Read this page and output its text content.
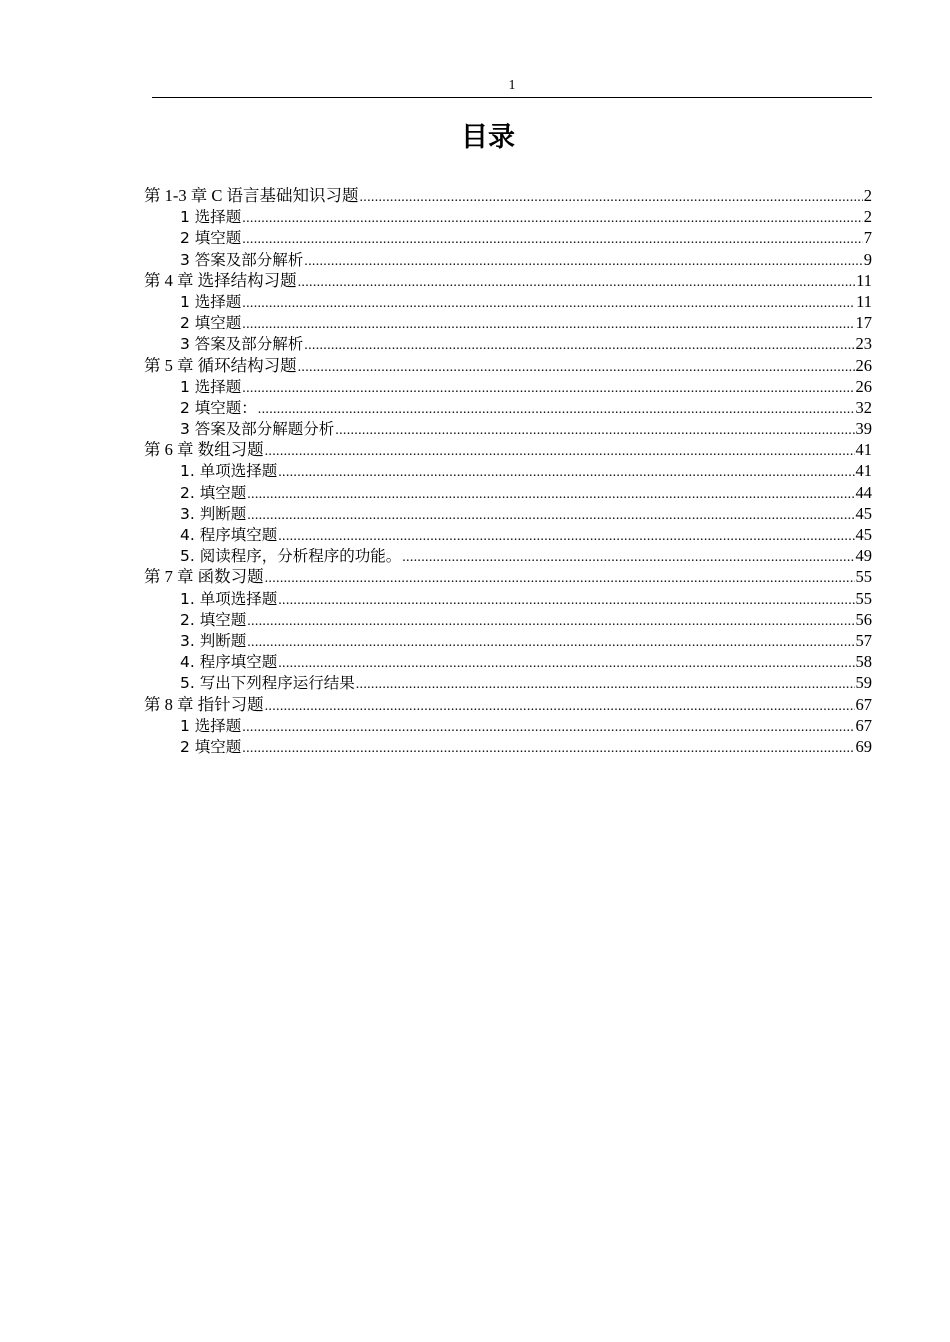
1
目录
第 1-3 章 C 语言基础知识习题 .....	2
1 选择题 .....	2
2 填空题 .....	7
3 答案及部分解析 .....	9
第 4 章 选择结构习题 .....	11
1 选择题 .....	11
2 填空题 .....	17
3 答案及部分解析 .....	23
第 5 章 循环结构习题 .....	26
1 选择题 .....	26
2 填空题： .....	32
3 答案及部分解题分析 .....	39
第 6 章 数组习题 .....	41
1. 单项选择题 .....	41
2. 填空题 .....	44
3. 判断题 .....	45
4. 程序填空题 .....	45
5. 阅读程序，分析程序的功能。 .....	49
第 7 章 函数习题 .....	55
1. 单项选择题 .....	55
2. 填空题 .....	56
3. 判断题 .....	57
4. 程序填空题 .....	58
5. 写出下列程序运行结果 .....	59
第 8 章 指针习题 .....	67
1 选择题 .....	67
2 填空题 .....	69
